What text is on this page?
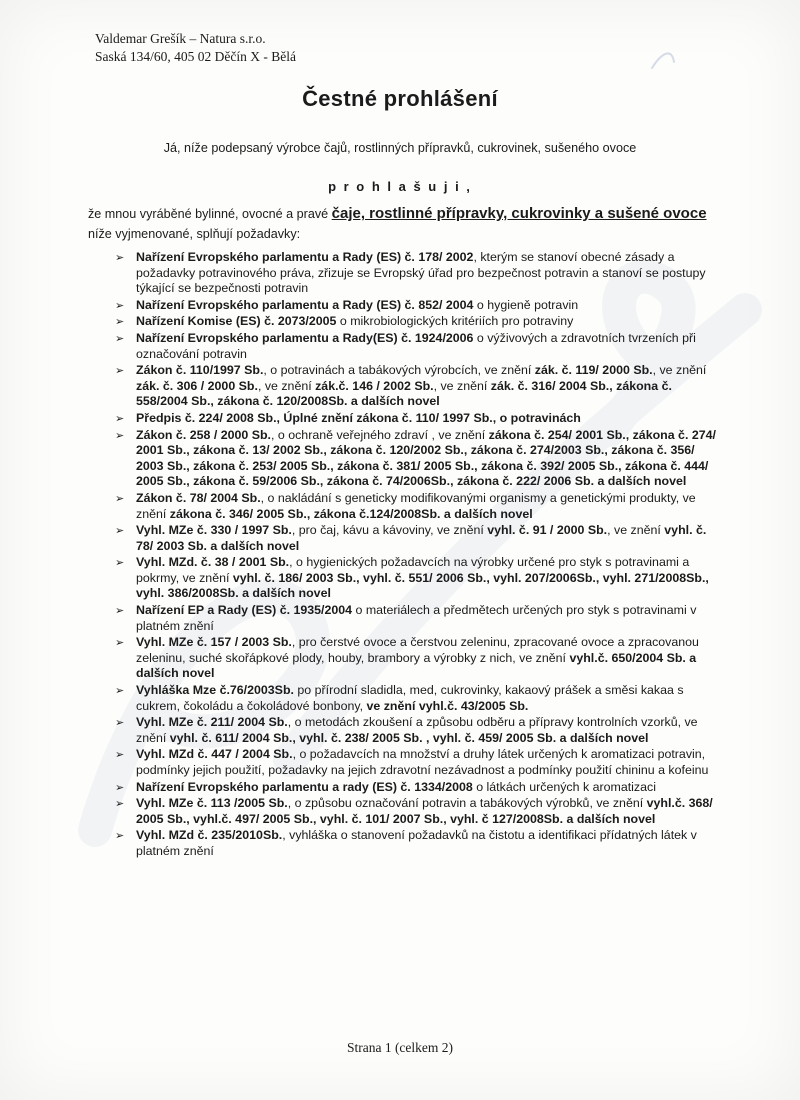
Valdemar Grešík – Natura s.r.o.
Saská 134/60, 405 02 Děčín X - Bělá
Čestné prohlášení

Já, níže podepsaný výrobce čajů, rostlinných přípravků, cukrovinek, sušeného ovoce

p r o h l a š u j i ,

že mnou vyráběné bylinné, ovocné a pravé čaje, rostlinné přípravky, cukrovinky a sušené ovoce níže vyjmenované, splňují požadavky:

➢ Nařízení Evropského parlamentu a Rady (ES) č. 178/ 2002, kterým se stanoví obecné zásady a požadavky potravinového práva, zřizuje se Evropský úřad pro bezpečnost potravin a stanoví se postupy týkající se bezpečnosti potravin
➢ Nařízení Evropského parlamentu a Rady (ES) č. 852/ 2004 o hygieně potravin
➢ Nařízení Komise (ES) č. 2073/2005 o mikrobiologických kritériích pro potraviny
➢ Nařízení Evropského parlamentu a Rady(ES) č. 1924/2006 o výživových a zdravotních tvrzeních při označování potravin
➢ Zákon č. 110/1997 Sb., o potravinách a tabákových výrobcích, ve znění zák. č. 119/ 2000 Sb., ve znění zák. č. 306 / 2000 Sb., ve znění zák.č. 146 / 2002 Sb., ve znění zák. č. 316/ 2004 Sb., zákona č. 558/2004 Sb., zákona č. 120/2008Sb. a dalších novel
➢ Předpis č. 224/ 2008 Sb., Úplné znění zákona č. 110/ 1997 Sb., o potravinách
➢ Zákon č. 258 / 2000 Sb., o ochraně veřejného zdraví , ve znění zákona č. 254/ 2001 Sb., zákona č. 274/ 2001 Sb., zákona č. 13/ 2002 Sb., zákona č. 120/2002 Sb., zákona č. 274/2003 Sb., zákona č. 356/ 2003 Sb., zákona č. 253/ 2005 Sb., zákona č. 381/ 2005 Sb., zákona č. 392/ 2005 Sb., zákona č. 444/ 2005 Sb., zákona č. 59/2006 Sb., zákona č. 74/2006Sb., zákona č. 222/ 2006 Sb. a dalších novel
➢ Zákon č. 78/ 2004 Sb., o nakládání s geneticky modifikovanými organismy a genetickými produkty, ve znění zákona č. 346/ 2005 Sb., zákona č.124/2008Sb. a dalších novel
➢ Vyhl. MZe č. 330 / 1997 Sb., pro čaj, kávu a kávoviny, ve znění vyhl. č. 91 / 2000 Sb., ve znění vyhl. č. 78/ 2003 Sb. a dalších novel
➢ Vyhl. MZd. č. 38 / 2001 Sb., o hygienických požadavcích na výrobky určené pro styk s potravinami a pokrmy, ve znění vyhl. č. 186/ 2003 Sb., vyhl. č. 551/ 2006 Sb., vyhl. 207/2006Sb., vyhl. 271/2008Sb., vyhl. 386/2008Sb. a dalších novel
➢ Nařízení EP a Rady (ES) č. 1935/2004 o materiálech a předmětech určených pro styk s potravinami v platném znění
➢ Vyhl. MZe č. 157 / 2003 Sb., pro čerstvé ovoce a čerstvou zeleninu, zpracované ovoce a zpracovanou zeleninu, suché skořápkové plody, houby, brambory a výrobky z nich, ve znění vyhl.č. 650/2004 Sb. a dalších novel
➢ Vyhláška Mze č.76/2003Sb. po přírodní sladidla, med, cukrovinky, kakaový prášek a směsi kakaa s cukrem, čokoládu a čokoládové bonbony, ve znění vyhl.č. 43/2005 Sb.
➢ Vyhl. MZe č. 211/ 2004 Sb., o metodách zkoušení a způsobu odběru a přípravy kontrolních vzorků, ve znění vyhl. č. 611/ 2004 Sb., vyhl. č. 238/ 2005 Sb. , vyhl. č. 459/ 2005 Sb. a dalších novel
➢ Vyhl. MZd č. 447 / 2004 Sb., o požadavcích na množství a druhy látek určených k aromatizaci potravin, podmínky jejich použití, požadavky na jejich zdravotní nezávadnost a podmínky použití chininu a kofeinu
➢ Nařízení Evropského parlamentu a rady (ES) č. 1334/2008 o látkách určených k aromatizaci
➢ Vyhl. MZe č. 113 /2005 Sb., o způsobu označování potravin a tabákových výrobků, ve znění vyhl.č. 368/ 2005 Sb., vyhl.č. 497/ 2005 Sb., vyhl. č. 101/ 2007 Sb., vyhl. č 127/2008Sb. a dalších novel
➢ Vyhl. MZd č. 235/2010Sb., vyhláška o stanovení požadavků na čistotu a identifikaci přídatných látek v platném znění
Strana 1 (celkem 2)
